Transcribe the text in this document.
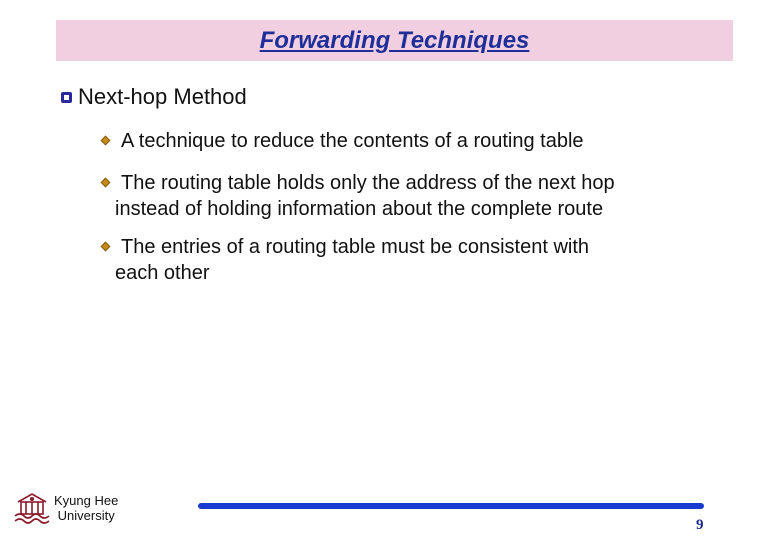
Forwarding Techniques
Next-hop Method
A technique to reduce the contents of a routing table
The routing table holds only the address of the next hop
instead of holding information about the complete route
The entries of a routing table must be consistent with
each other
Kyung Hee
University
9
